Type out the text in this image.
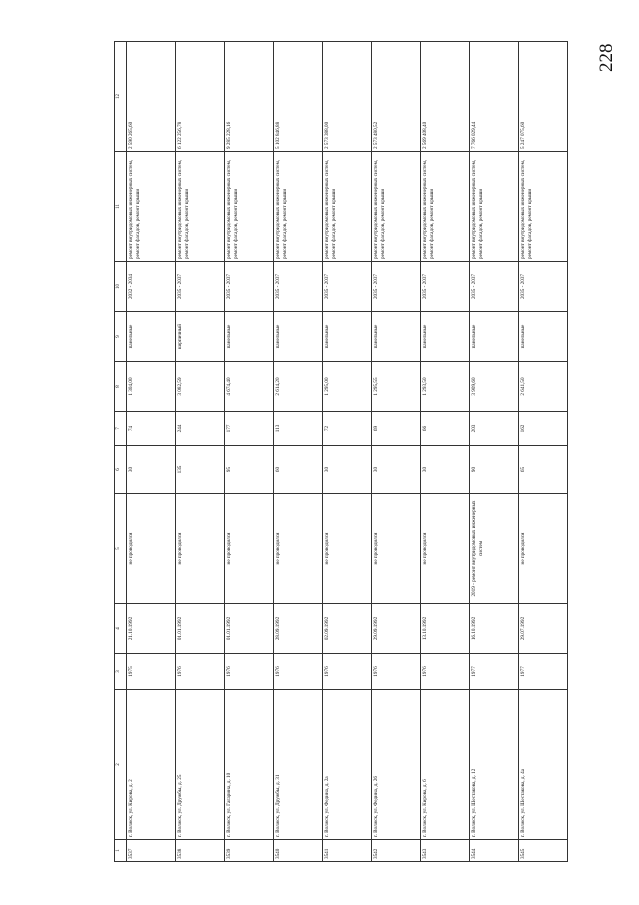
228
1	2	3	4	5	6	7	8	9	10	11	12
3537	г. Волжск, ул. Кирова, д. 2	1975	21.10.1992	не проводился	30	74	1 304,00	панельные	2032 - 2034	ремонт внутридомовых инженерных систем, ремонт фасадов, ремонт крыши	2 590 265,60
3538	г. Волжск, ул. Дружбы, д. 25	1976	01.01.1992	не проводился	135	244	3 082,59	кирпичный	2035 - 2037	ремонт внутридомовых инженерных систем, ремонт фасадов, ремонт крыши	6 122 256,78
3539	г. Волжск, ул. Гагарина, д. 10	1976	01.01.1992	не проводился	95	177	4 674,40	панельные	2035 - 2037	ремонт внутридомовых инженерных систем, ремонт фасадов, ремонт крыши	9 285 228,16
3540	г. Волжск, ул. Дружбы, д. 31	1976	28.09.1992	не проводился	60	113	2 614,20	панельные	2035 - 2037	ремонт внутридомовых инженерных систем, ремонт фасадов, ремонт крыши	5 102 846,88
3541	г. Волжск, ул. Федина, д. 2а	1976	02.09.1992	не проводился	30	72	1 295,00	панельные	2035 - 2037	ремонт внутридомовых инженерных систем, ремонт фасадов, ремонт крыши	2 573 388,00
3542	г. Волжск, ул. Федина, д. 26	1976	29.09.1992	не проводился	30	69	1 295,55	панельные	2035 - 2037	ремонт внутридомовых инженерных систем, ремонт фасадов, ремонт крыши	2 573 480,52
3543	г. Волжск, ул. Кирова, д. 6	1976	13.10.1992	не проводился	30	66	1 293,50	панельные	2035 - 2037	ремонт внутридомовых инженерных систем, ремонт фасадов, ремонт крыши	2 569 408,40
3544	г. Волжск, ул. Шестакова, д. 12	1977	16.10.1992	2019 - ремонт внутридомовых инженерных систем	90	203	3 909,60	панельные	2035 - 2037	ремонт внутридомовых инженерных систем, ремонт фасадов, ремонт крыши	7 766 029,44
3545	г. Волжск, ул. Шестакова, д. 4а	1977	29.07.1992	не проводился	65	162	2 641,50	панельные	2035 - 2037	ремонт внутридомовых инженерных систем, ремонт фасадов, ремонт крыши	5 247 075,60
